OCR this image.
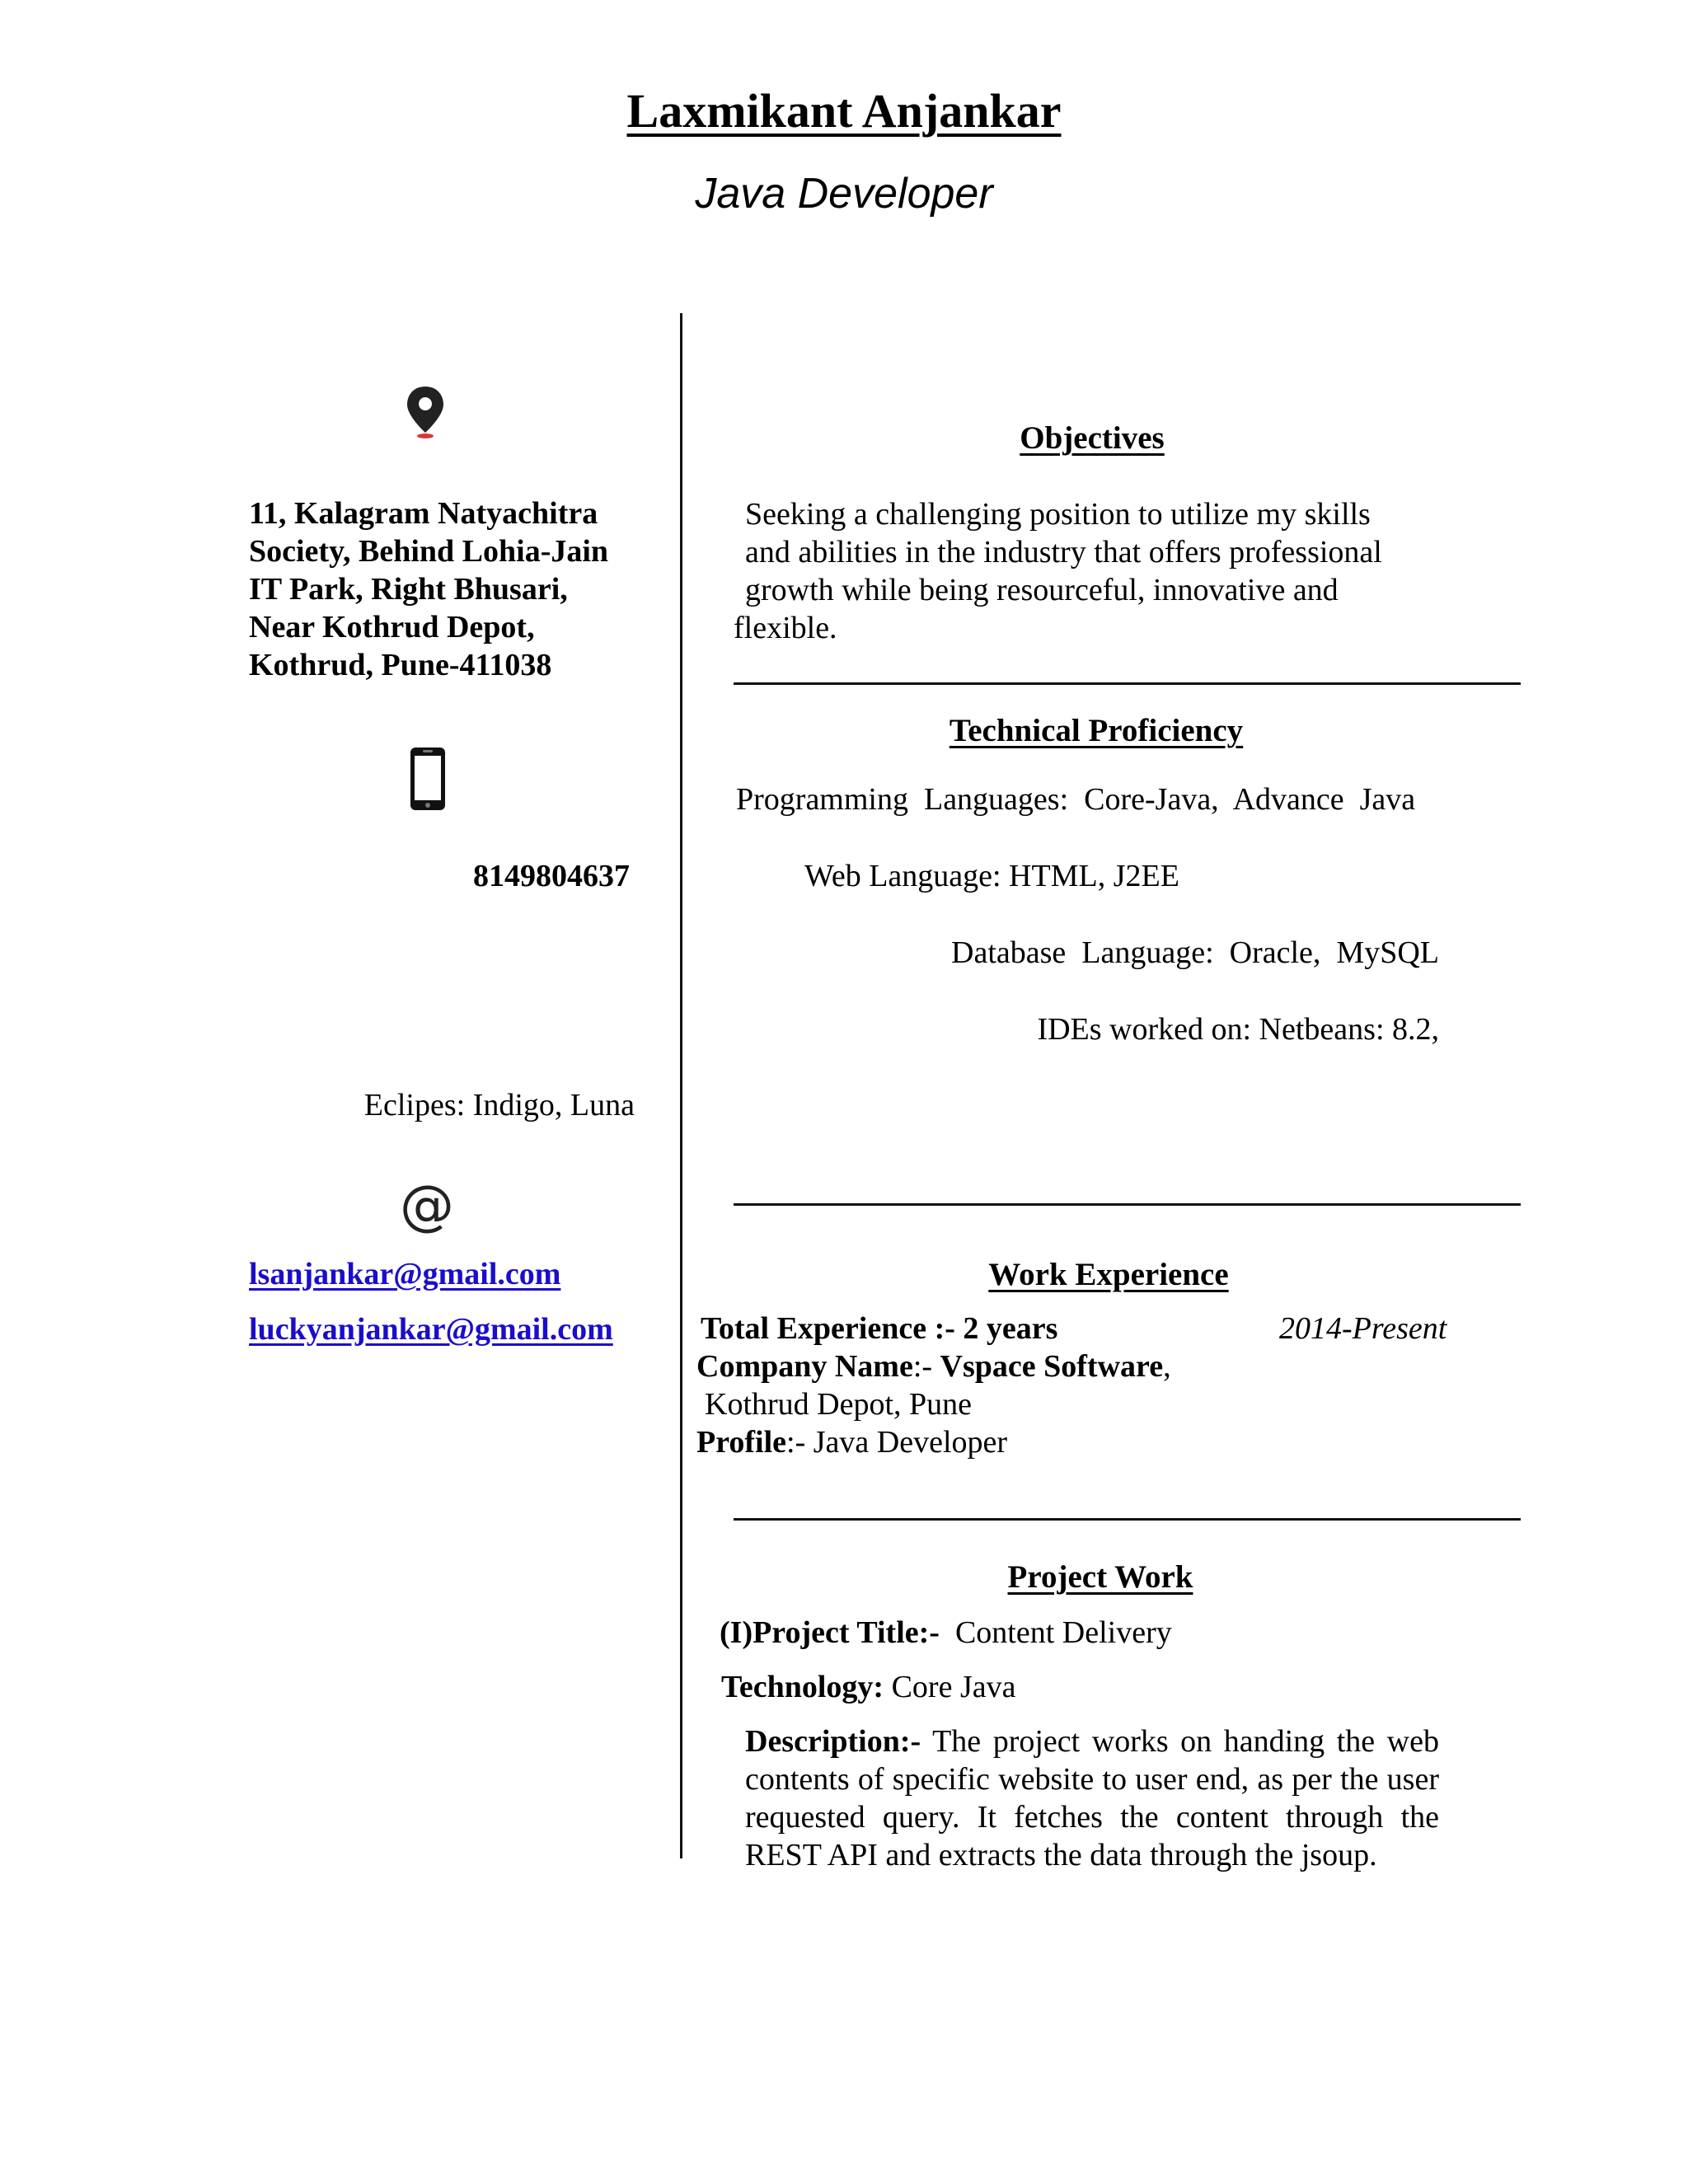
Laxmikant Anjankar
Java Developer
11, Kalagram Natyachitra
Society, Behind Lohia-Jain
IT Park, Right Bhusari,
Near Kothrud Depot,
Kothrud, Pune-411038
8149804637
Eclipes: Indigo, Luna
@
lsanjankar@gmail.com
luckyanjankar@gmail.com
Objectives
Seeking a challenging position to utilize my skills
and abilities in the industry that offers professional
growth while being resourceful, innovative and
flexible.
Technical Proficiency
Programming  Languages:  Core-Java,  Advance  Java
Web Language: HTML, J2EE
Database  Language:  Oracle,  MySQL
IDEs worked on: Netbeans: 8.2,
Work Experience
Total Experience :- 2 years	2014-Present
Company Name:- Vspace Software,
Kothrud Depot, Pune
Profile:- Java Developer
Project Work
(I)Project Title:- Content Delivery
Technology: Core Java
Description:- The project works on handing the web contents of specific website to user end, as per the user requested query. It fetches the content through the REST API and extracts the data through the jsoup.
